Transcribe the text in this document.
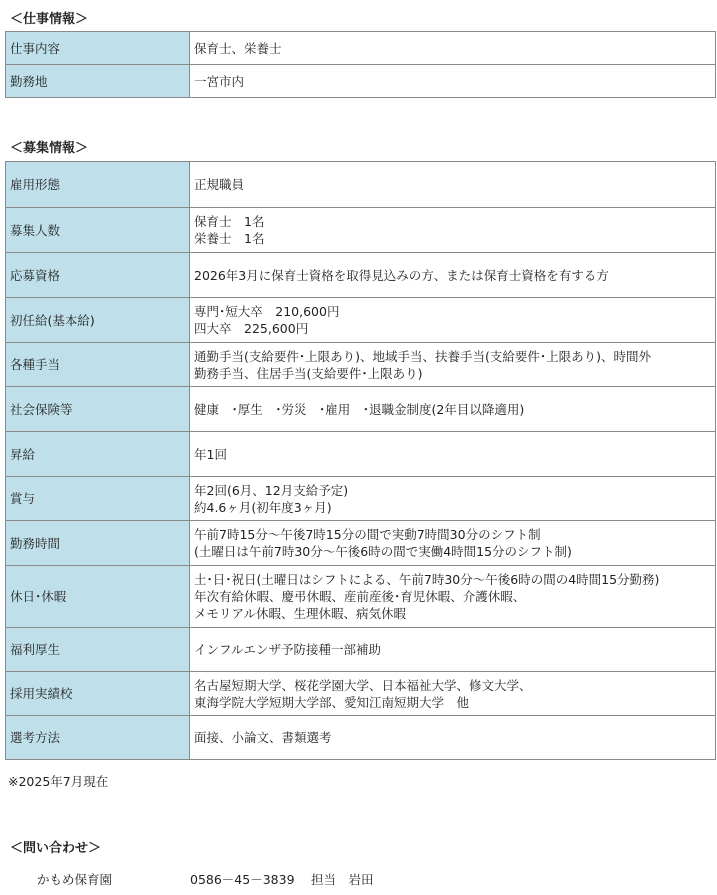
＜仕事情報＞
仕事内容	保育士、栄養士

勤務地	一宮市内
＜募集情報＞
雇用形態	正規職員

募集人数	保育士　1名
栄養士　1名

応募資格	2026年3月に保育士資格を取得見込みの方、または保育士資格を有する方

初任給(基本給)	専門･短大卒　210,600円
四大卒　225,600円

各種手当	通勤手当(支給要件･上限あり)、地域手当、扶養手当(支給要件･上限あり)、時間外
勤務手当、住居手当(支給要件･上限あり)

社会保険等	健康　･厚生　･労災　･雇用　･退職金制度(2年目以降適用)

昇給	年1回

賞与	年2回(6月、12月支給予定)
約4.6ヶ月(初年度3ヶ月)

勤務時間	午前7時15分～午後7時15分の間で実動7時間30分のシフト制
(土曜日は午前7時30分～午後6時の間で実働4時間15分のシフト制)

休日･休暇	土･日･祝日(土曜日はシフトによる、午前7時30分～午後6時の間の4時間15分勤務)
年次有給休暇、慶弔休暇、産前産後･育児休暇、介護休暇、
メモリアル休暇、生理休暇、病気休暇

福利厚生	インフルエンザ予防接種一部補助

採用実績校	名古屋短期大学、桜花学園大学、日本福祉大学、修文大学、
東海学院大学短期大学部、愛知江南短期大学　他

選考方法	面接、小論文、書類選考
※2025年7月現在
＜問い合わせ＞
かもめ保育園	0586－45－3839　 担当　岩田
